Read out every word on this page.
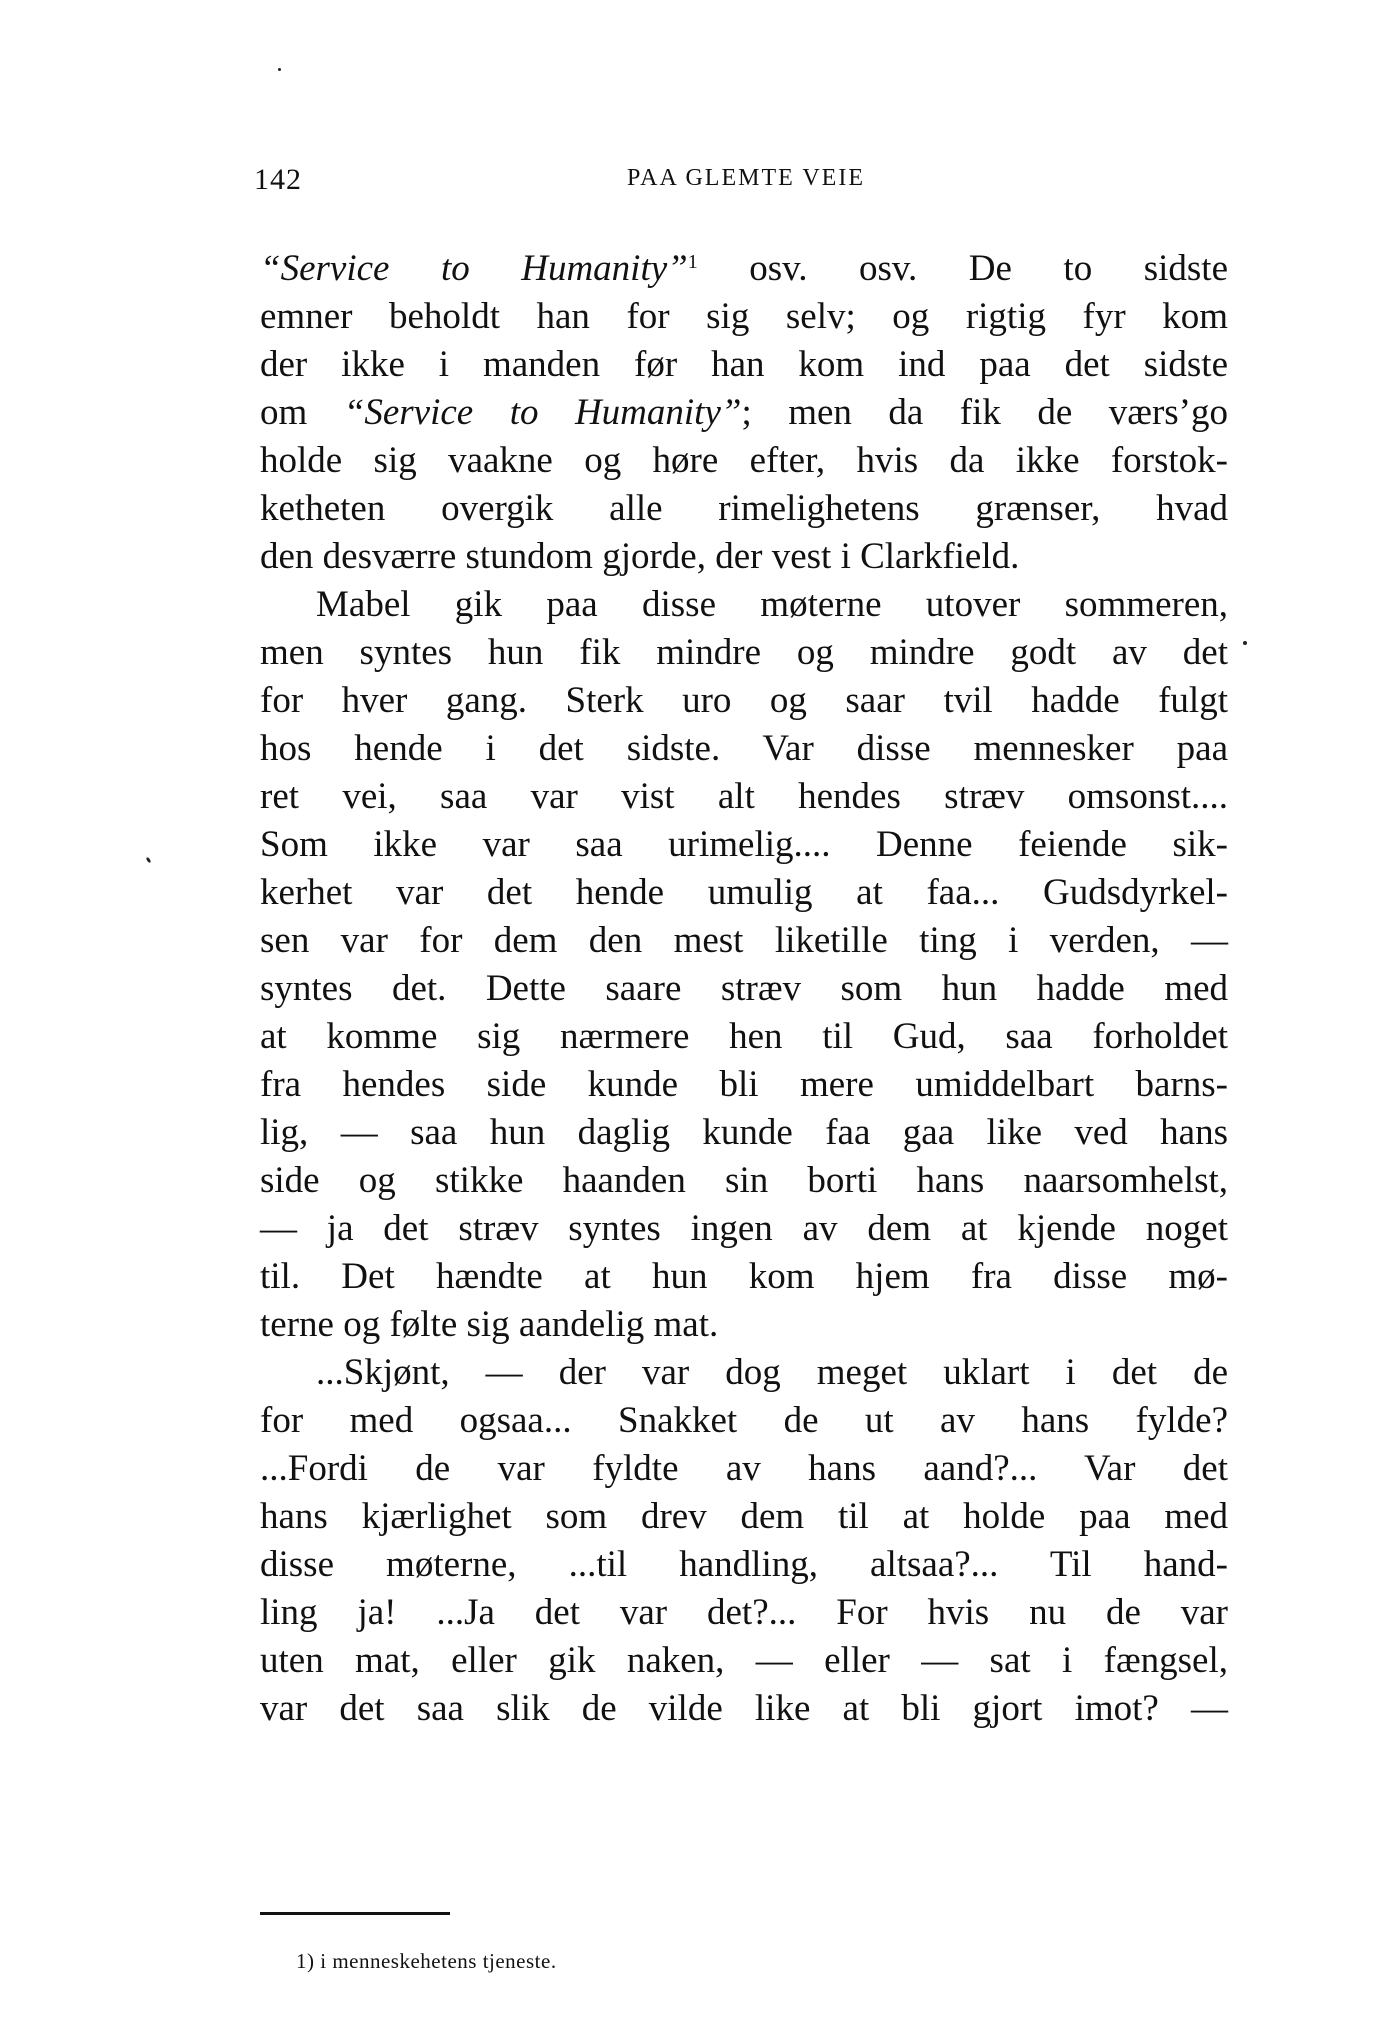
142	PAA GLEMTE VEIE
“Service to Humanity”$^1$ osv. osv. De to sidste
emner beholdt han for sig selv; og rigtig fyr kom
der ikke i manden før han kom ind paa det sidste
om “Service to Humanity”; men da fik de værs’go
holde sig vaakne og høre efter, hvis da ikke forstok-
ketheten overgik alle rimelighetens grænser, hvad
den desværre stundom gjorde, der vest i Clarkfield.
Mabel gik paa disse møterne utover sommeren,
men syntes hun fik mindre og mindre godt av det
for hver gang. Sterk uro og saar tvil hadde fulgt
hos hende i det sidste. Var disse mennesker paa
ret vei, saa var vist alt hendes stræv omsonst....
Som ikke var saa urimelig.... Denne feiende sik-
kerhet var det hende umulig at faa... Gudsdyrkel-
sen var for dem den mest liketille ting i verden, —
syntes det. Dette saare stræv som hun hadde med
at komme sig nærmere hen til Gud, saa forholdet
fra hendes side kunde bli mere umiddelbart barns-
lig, — saa hun daglig kunde faa gaa like ved hans
side og stikke haanden sin borti hans naarsomhelst,
— ja det stræv syntes ingen av dem at kjende noget
til. Det hændte at hun kom hjem fra disse mø-
terne og følte sig aandelig mat.
...Skjønt, — der var dog meget uklart i det de
for med ogsaa... Snakket de ut av hans fylde?
...Fordi de var fyldte av hans aand?... Var det
hans kjærlighet som drev dem til at holde paa med
disse møterne, ...til handling, altsaa?... Til hand-
ling ja! ...Ja det var det?... For hvis nu de var
uten mat, eller gik naken, — eller — sat i fængsel,
var det saa slik de vilde like at bli gjort imot? —
1) i menneskehetens tjeneste.
